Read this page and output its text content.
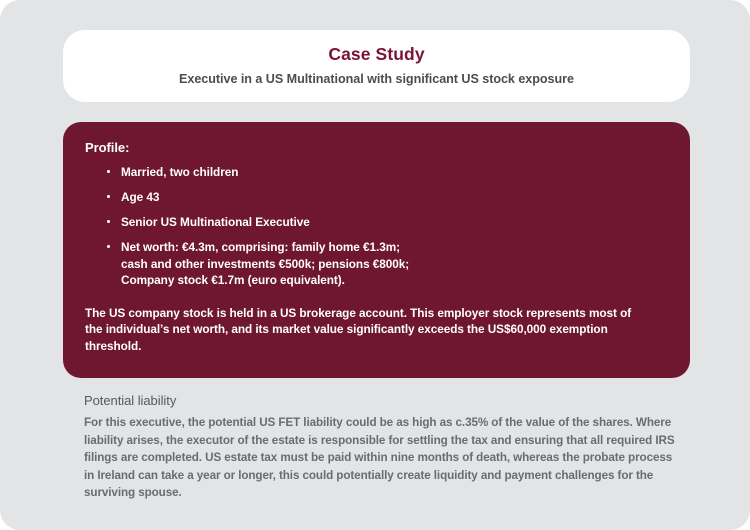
Case Study
Executive in a US Multinational with significant US stock exposure
Profile:
Married, two children
Age 43
Senior US Multinational Executive
Net worth: €4.3m, comprising: family home €1.3m;
cash and other investments €500k; pensions €800k;
Company stock €1.7m (euro equivalent).

The US company stock is held in a US brokerage account. This employer stock represents most of the individual’s net worth, and its market value significantly exceeds the US$60,000 exemption threshold.

Potential liability

For this executive, the potential US FET liability could be as high as c.35% of the value of the shares. Where liability arises, the executor of the estate is responsible for settling the tax and ensuring that all required IRS filings are completed. US estate tax must be paid within nine months of death, whereas the probate process in Ireland can take a year or longer, this could potentially create liquidity and payment challenges for the surviving spouse.
